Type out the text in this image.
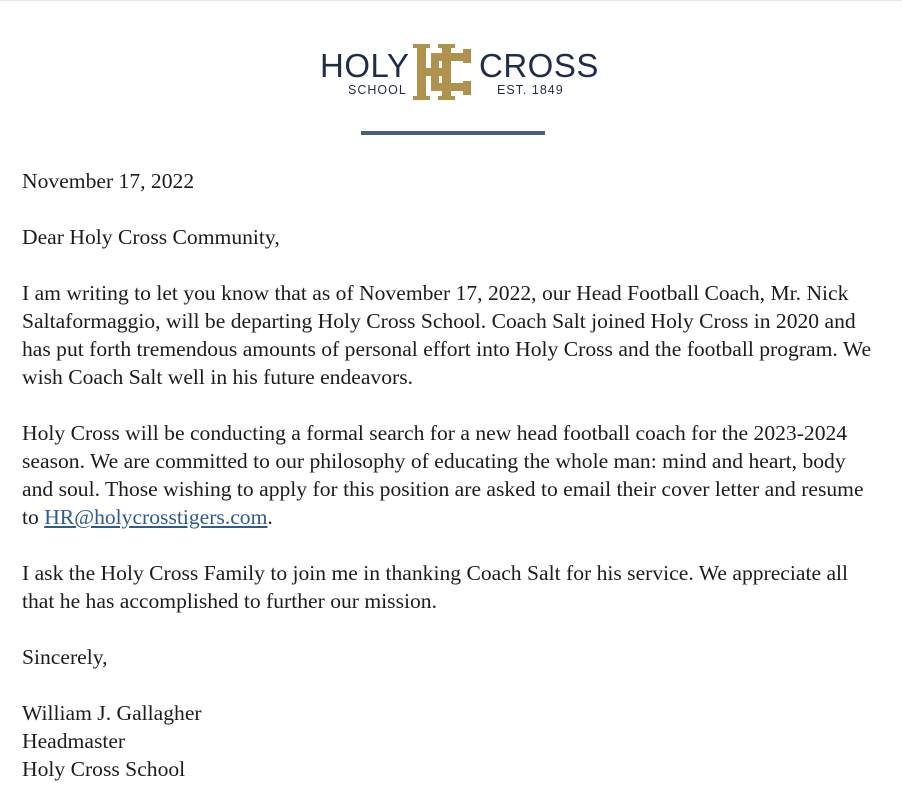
HOLY
SCHOOL
CROSS
EST. 1849

November 17, 2022

Dear Holy Cross Community,

I am writing to let you know that as of November 17, 2022, our Head Football Coach, Mr. Nick Saltaformaggio, will be departing Holy Cross School. Coach Salt joined Holy Cross in 2020 and has put forth tremendous amounts of personal effort into Holy Cross and the football program. We wish Coach Salt well in his future endeavors.

Holy Cross will be conducting a formal search for a new head football coach for the 2023-2024 season. We are committed to our philosophy of educating the whole man: mind and heart, body and soul. Those wishing to apply for this position are asked to email their cover letter and resume to HR@holycrosstigers.com.

I ask the Holy Cross Family to join me in thanking Coach Salt for his service. We appreciate all that he has accomplished to further our mission.

Sincerely,

William J. Gallagher
Headmaster
Holy Cross School
